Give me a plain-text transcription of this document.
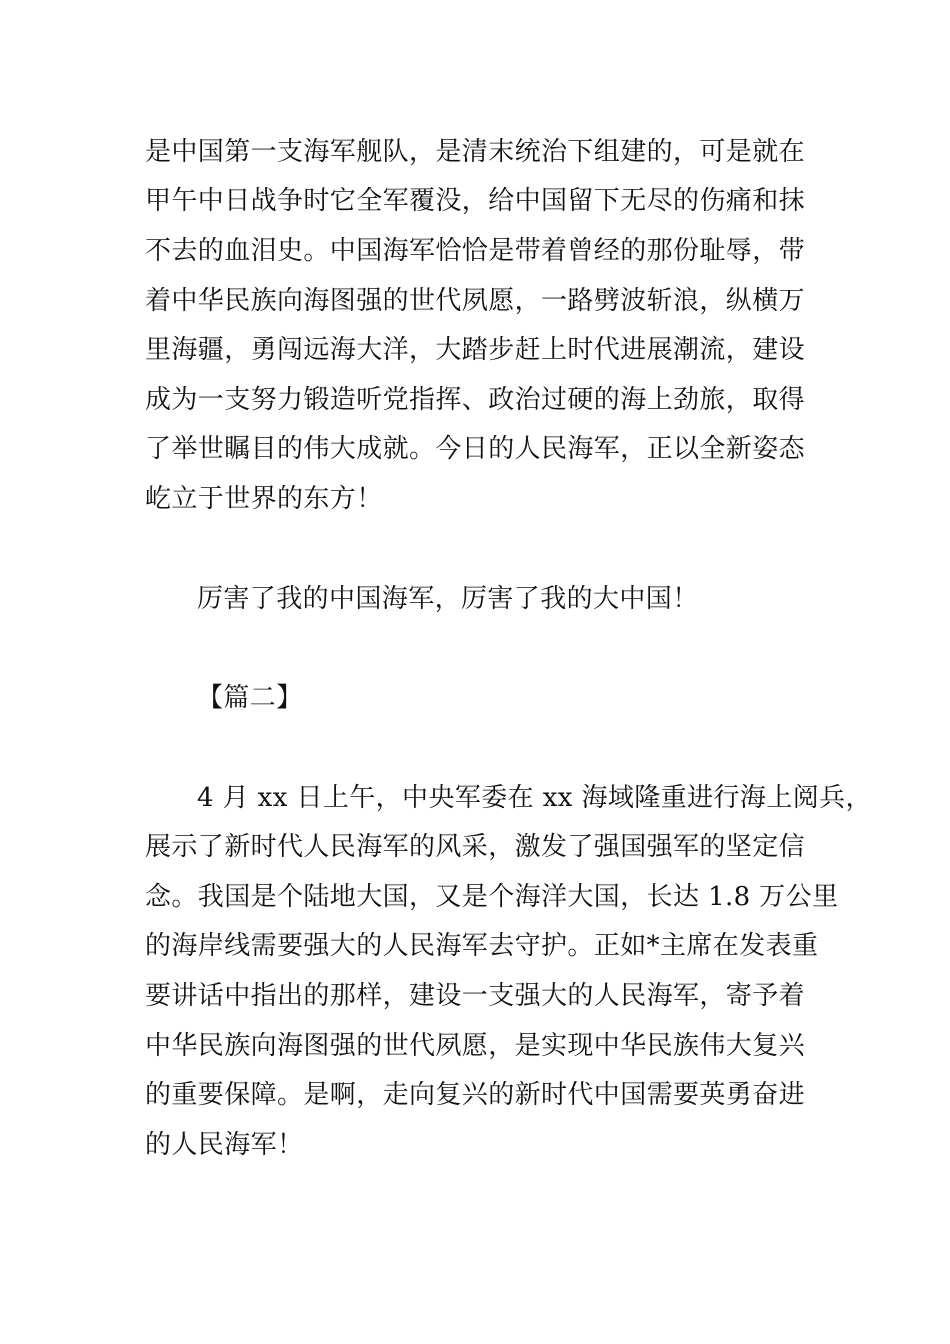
是中国第一支海军舰队，是清末统治下组建的，可是就在
甲午中日战争时它全军覆没，给中国留下无尽的伤痛和抹
不去的血泪史。中国海军恰恰是带着曾经的那份耻辱，带
着中华民族向海图强的世代夙愿，一路劈波斩浪，纵横万
里海疆，勇闯远海大洋，大踏步赶上时代进展潮流，建设
成为一支努力锻造听党指挥、政治过硬的海上劲旅，取得
了举世瞩目的伟大成就。今日的人民海军，正以全新姿态
屹立于世界的东方！
厉害了我的中国海军，厉害了我的大中国！
【篇二】
4 月 xx 日上午，中央军委在 xx 海域隆重进行海上阅兵，
展示了新时代人民海军的风采，激发了强国强军的坚定信
念。我国是个陆地大国，又是个海洋大国，长达 1.8 万公里
的海岸线需要强大的人民海军去守护。正如*主席在发表重
要讲话中指出的那样，建设一支强大的人民海军，寄予着
中华民族向海图强的世代夙愿，是实现中华民族伟大复兴
的重要保障。是啊，走向复兴的新时代中国需要英勇奋进
的人民海军！
